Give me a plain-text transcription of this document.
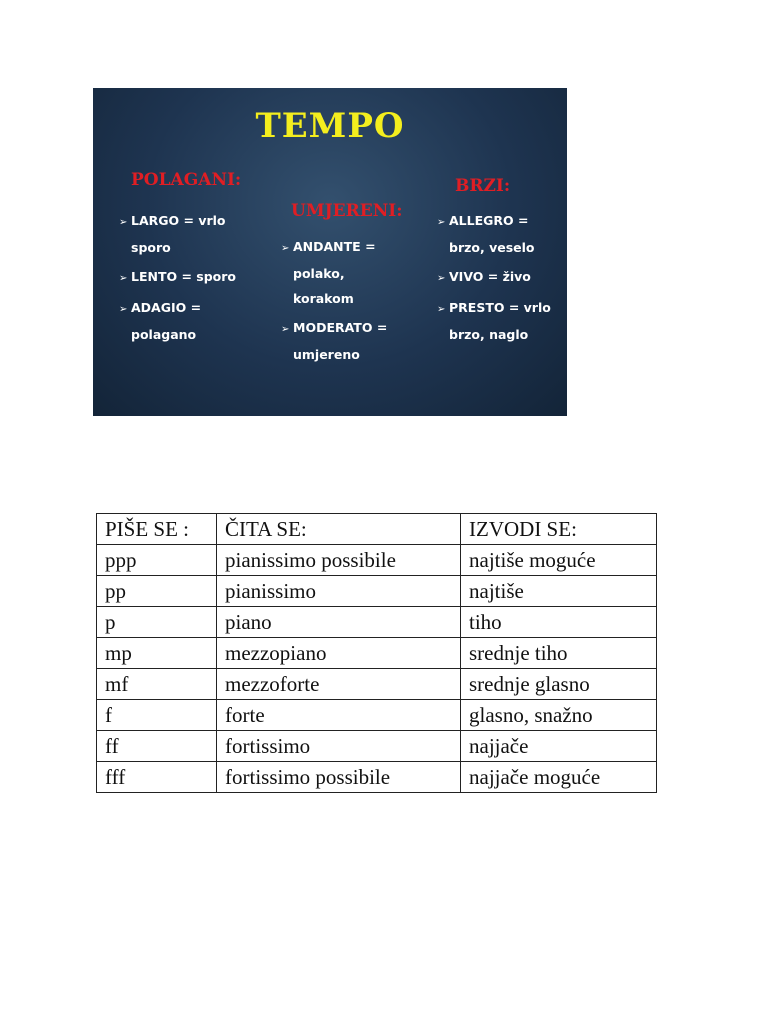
TEMPO
POLAGANI:
UMJERENI:
BRZI:
➢ LARGO = vrlo
sporo
➢ LENTO = sporo
➢ ADAGIO =
polagano
➢ ANDANTE =
polako,
korakom
➢ MODERATO =
umjereno
➢ ALLEGRO =
brzo, veselo
➢ VIVO = živo
➢ PRESTO = vrlo
brzo, naglo
PIŠE SE :	ČITA SE:	IZVODI SE:
ppp	pianissimo possibile	najtiše moguće
pp	pianissimo	najtiše
p	piano	tiho
mp	mezzopiano	srednje tiho
mf	mezzoforte	srednje glasno
f	forte	glasno, snažno
ff	fortissimo	najjače
fff	fortissimo possibile	najjače moguće
